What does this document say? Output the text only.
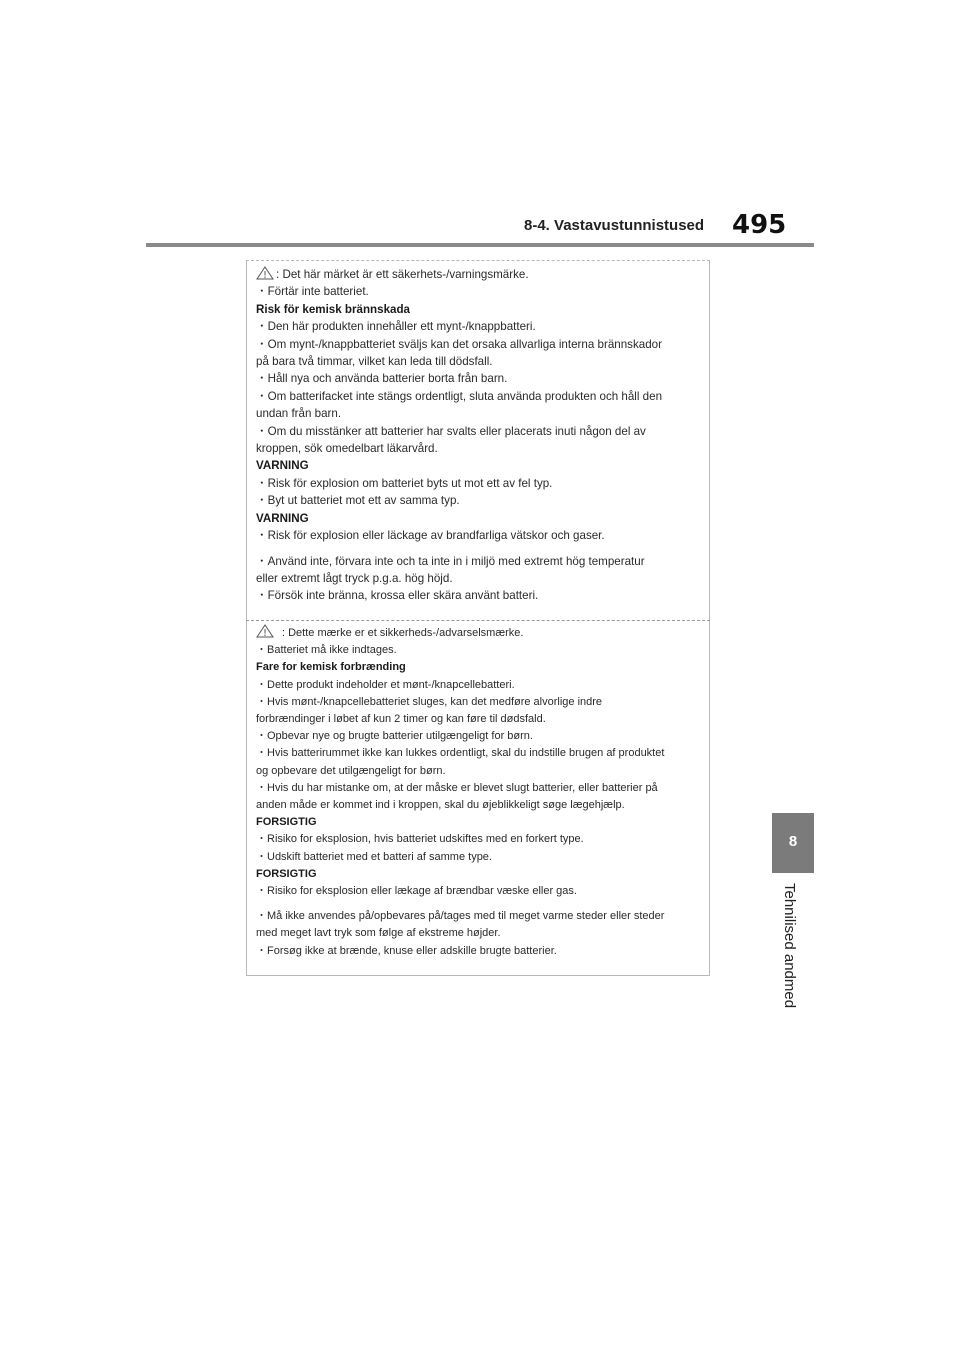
8-4. Vastavustunnistused 495
8
Tehnilised andmed
: Det här märket är ett säkerhets-/varningsmärke.
・Förtär inte batteriet.
Risk för kemisk brännskada
・Den här produkten innehåller ett mynt-/knappbatteri.
・Om mynt-/knappbatteriet sväljs kan det orsaka allvarliga interna brännskador
på bara två timmar, vilket kan leda till dödsfall.
・Håll nya och använda batterier borta från barn.
・Om batterifacket inte stängs ordentligt, sluta använda produkten och håll den
undan från barn.
・Om du misstänker att batterier har svalts eller placerats inuti någon del av
kroppen, sök omedelbart läkarvård.
VARNING
・Risk för explosion om batteriet byts ut mot ett av fel typ.
・Byt ut batteriet mot ett av samma typ.
VARNING
・Risk för explosion eller läckage av brandfarliga vätskor och gaser.
・Använd inte, förvara inte och ta inte in i miljö med extremt hög temperatur
eller extremt lågt tryck p.g.a. hög höjd.
・Försök inte bränna, krossa eller skära använt batteri.
: Dette mærke er et sikkerheds-/advarselsmærke.
・Batteriet må ikke indtages.
Fare for kemisk forbrænding
・Dette produkt indeholder et mønt-/knapcellebatteri.
・Hvis mønt-/knapcellebatteriet sluges, kan det medføre alvorlige indre
forbrændinger i løbet af kun 2 timer og kan føre til dødsfald.
・Opbevar nye og brugte batterier utilgængeligt for børn.
・Hvis batterirummet ikke kan lukkes ordentligt, skal du indstille brugen af produktet
og opbevare det utilgængeligt for børn.
・Hvis du har mistanke om, at der måske er blevet slugt batterier, eller batterier på
anden måde er kommet ind i kroppen, skal du øjeblikkeligt søge lægehjælp.
FORSIGTIG
・Risiko for eksplosion, hvis batteriet udskiftes med en forkert type.
・Udskift batteriet med et batteri af samme type.
FORSIGTIG
・Risiko for eksplosion eller lækage af brændbar væske eller gas.
・Må ikke anvendes på/opbevares på/tages med til meget varme steder eller steder
med meget lavt tryk som følge af ekstreme højder.
・Forsøg ikke at brænde, knuse eller adskille brugte batterier.
